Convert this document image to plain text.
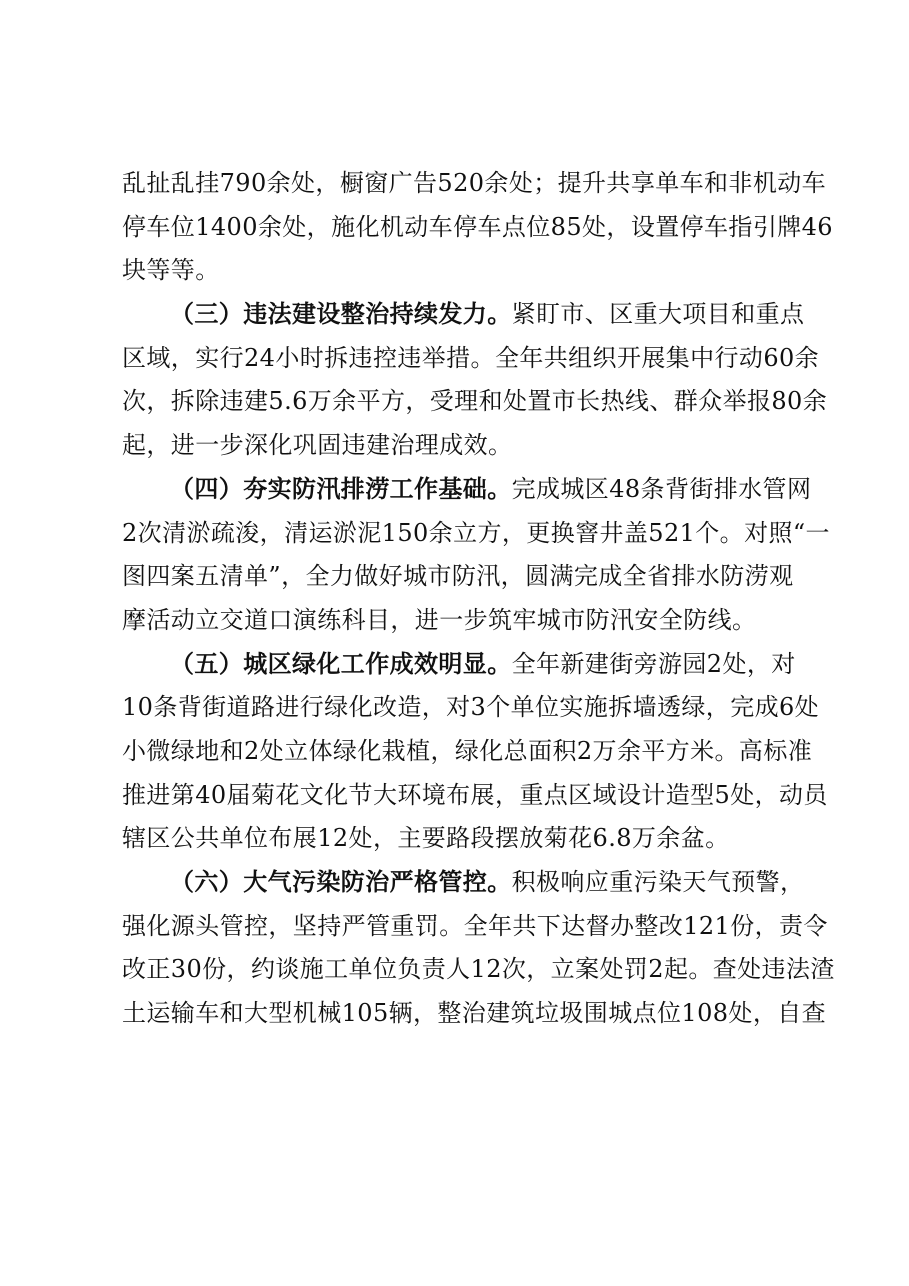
乱扯乱挂790余处，橱窗广告520余处；提升共享单车和非机动车
停车位1400余处，施化机动车停车点位85处，设置停车指引牌46
块等等。
（三）违法建设整治持续发力。紧盯市、区重大项目和重点
区域，实行24小时拆违控违举措。全年共组织开展集中行动60余
次，拆除违建5.6万余平方，受理和处置市长热线、群众举报80余
起，进一步深化巩固违建治理成效。
（四）夯实防汛排涝工作基础。完成城区48条背街排水管网
2次清淤疏浚，清运淤泥150余立方，更换窨井盖521个。对照“一
图四案五清单”，全力做好城市防汛，圆满完成全省排水防涝观
摩活动立交道口演练科目，进一步筑牢城市防汛安全防线。
（五）城区绿化工作成效明显。全年新建街旁游园2处，对
10条背街道路进行绿化改造，对3个单位实施拆墙透绿，完成6处
小微绿地和2处立体绿化栽植，绿化总面积2万余平方米。高标准
推进第40届菊花文化节大环境布展，重点区域设计造型5处，动员
辖区公共单位布展12处，主要路段摆放菊花6.8万余盆。
（六）大气污染防治严格管控。积极响应重污染天气预警，
强化源头管控，坚持严管重罚。全年共下达督办整改121份，责令
改正30份，约谈施工单位负责人12次，立案处罚2起。查处违法渣
土运输车和大型机械105辆，整治建筑垃圾围城点位108处，自查
